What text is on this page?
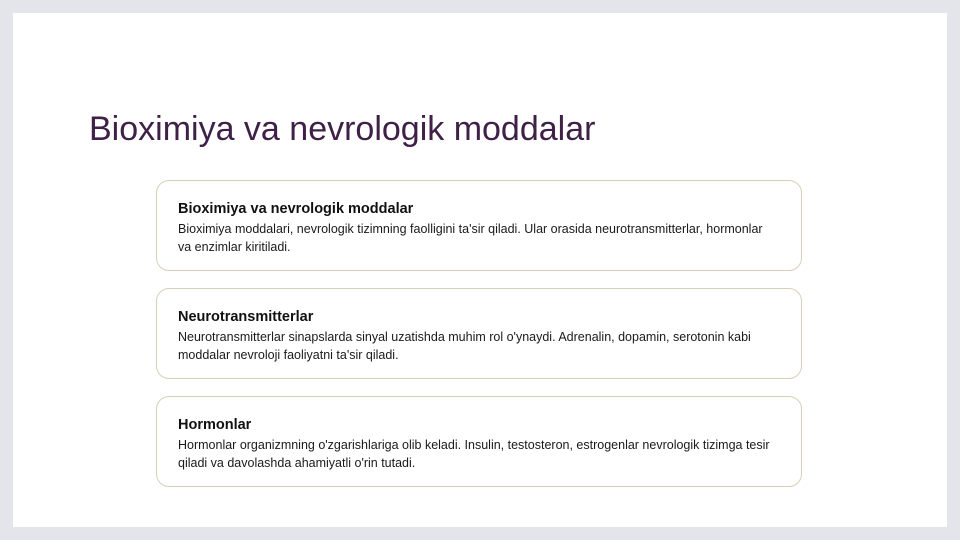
Bioximiya va nevrologik moddalar
Bioximiya va nevrologik moddalar

Bioximiya moddalari, nevrologik tizimning faolligini ta'sir qiladi. Ular orasida neurotransmitterlar, hormonlar va enzimlar kiritiladi.

Neurotransmitterlar

Neurotransmitterlar sinapslarda sinyal uzatishda muhim rol o'ynaydi. Adrenalin, dopamin, serotonin kabi moddalar nevroloji faoliyatni ta'sir qiladi.

Hormonlar

Hormonlar organizmning o'zgarishlariga olib keladi. Insulin, testosteron, estrogenlar nevrologik tizimga tesir qiladi va davolashda ahamiyatli o'rin tutadi.
